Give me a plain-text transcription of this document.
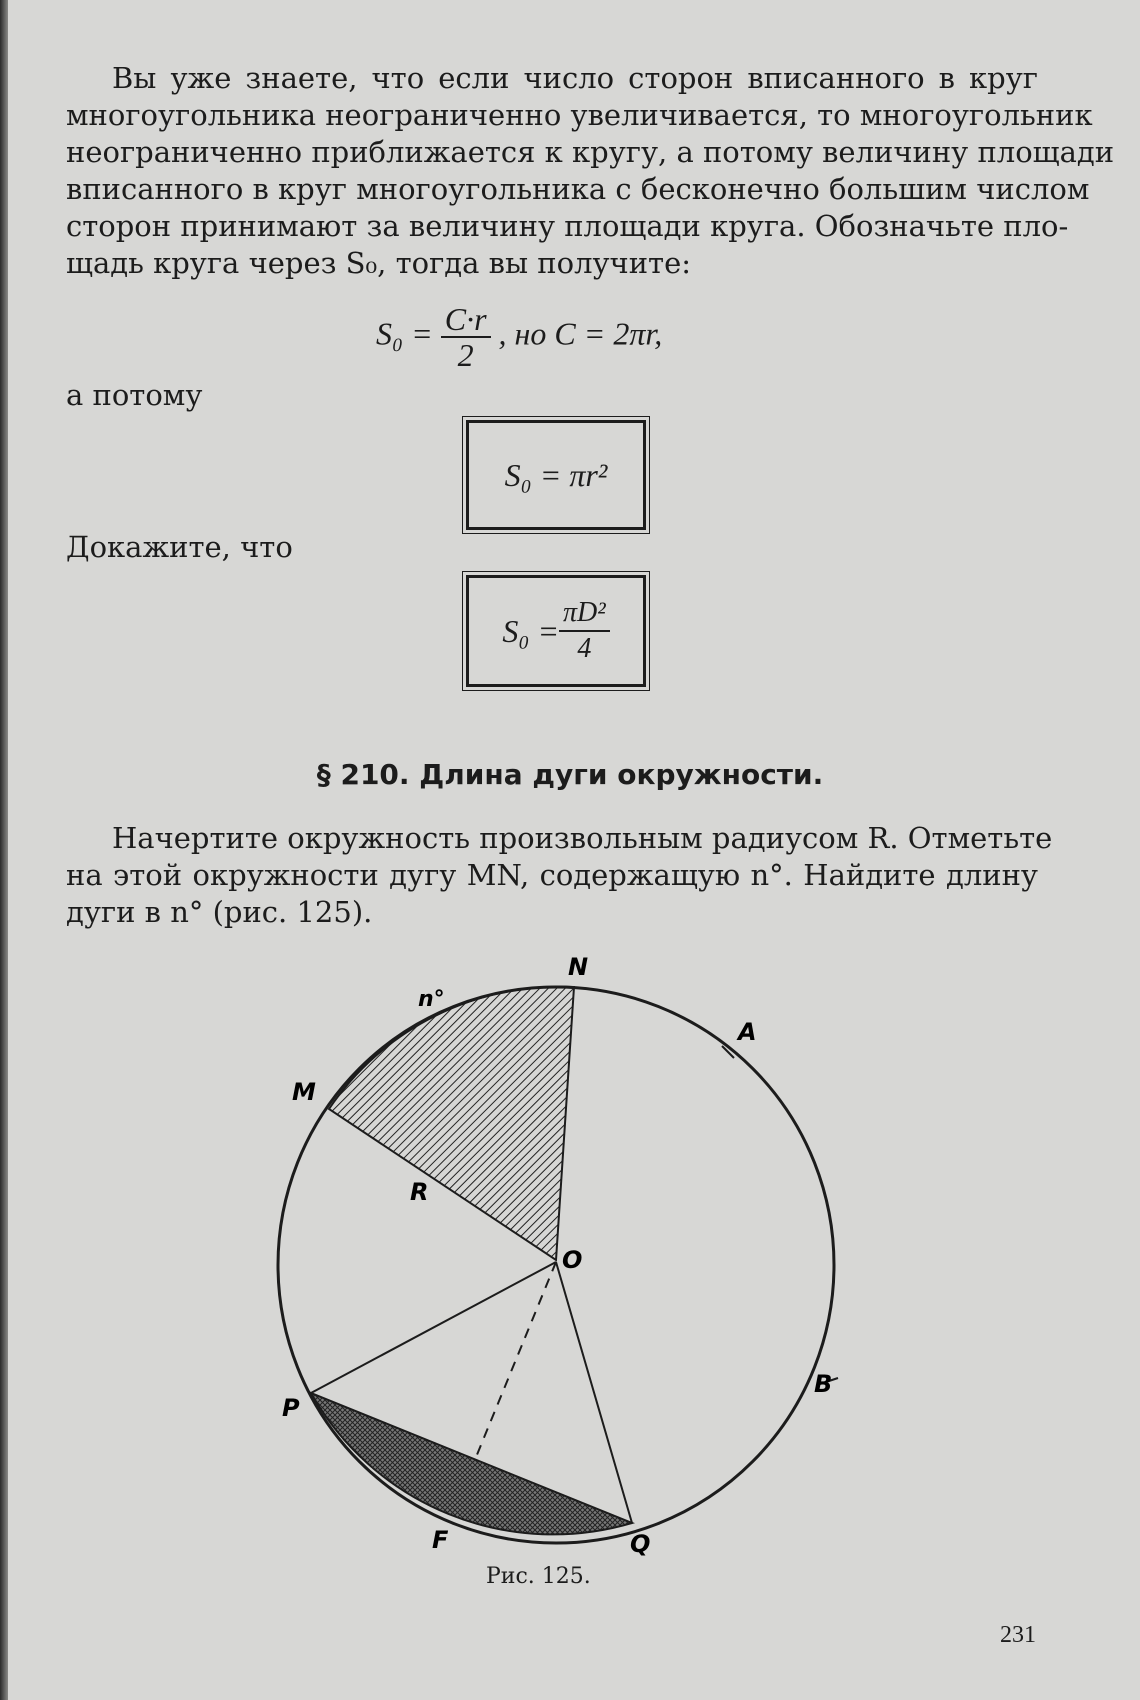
Вы уже знаете, что если число сторон вписанного в круг
многоугольника неограниченно увеличивается, то многоугольник
неограниченно приближается к кругу, а потому величину площади
вписанного в круг многоугольника с бесконечно большим числом
сторон принимают за величину площади круга. Обозначьте пло-
щадь круга через S₀, тогда вы получите:
$S_0 = \frac{C\cdot r}{2}$ , но C = 2πr,
а потому
S₀ = πr²
Докажите, что
$S_0 = \frac{\text{πD²}}{4}$
§ 210. Длина дуги окружности.
Начертите окружность произвольным радиусом R. Отметьте
на этой окружности дугу MN, содержащую n°. Найдите длину
дуги в n° (рис. 125).
N
A
M
n°
R
O
B
P
F	Q
Рис. 125.
231
